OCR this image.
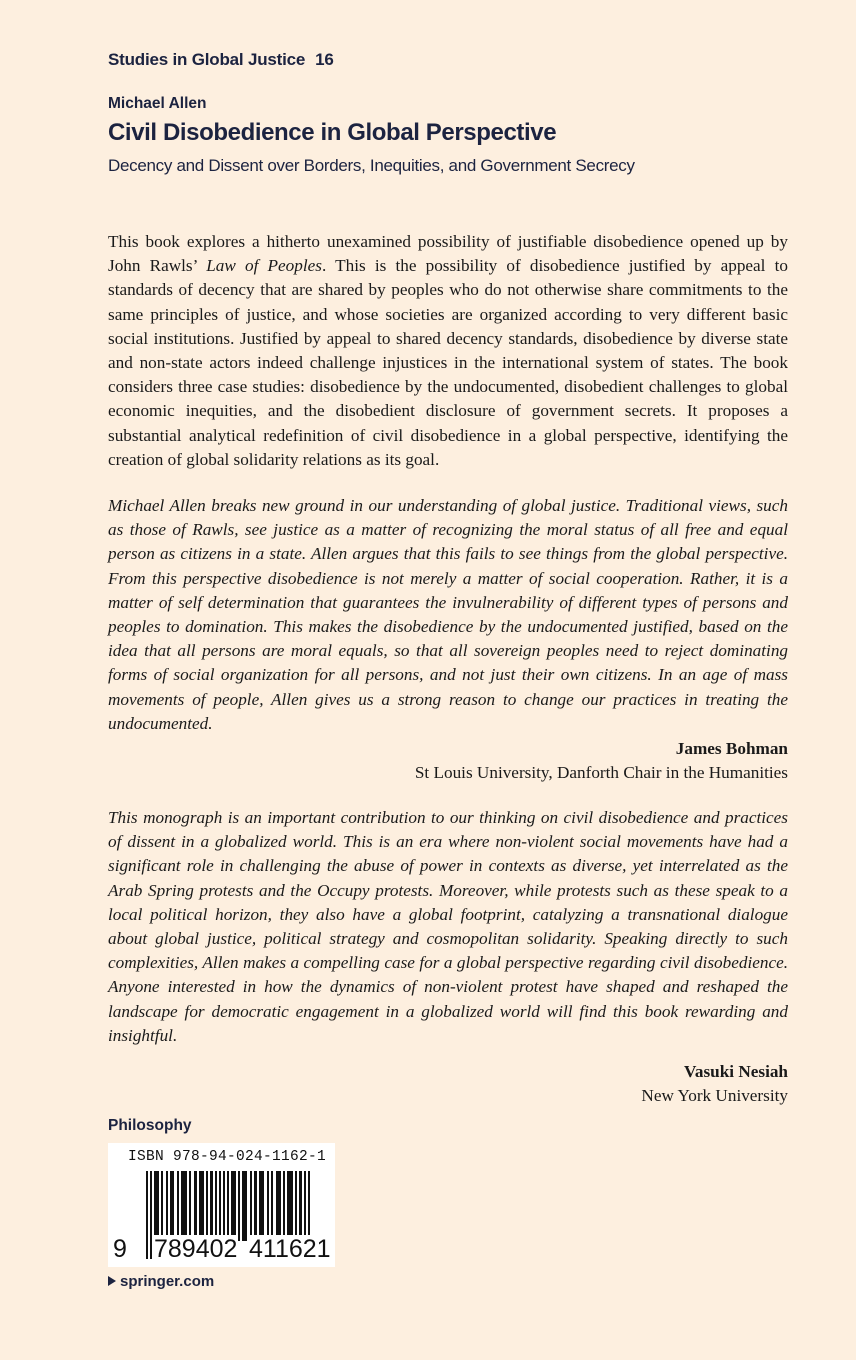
Studies in Global Justice 16
Michael Allen
Civil Disobedience in Global Perspective
Decency and Dissent over Borders, Inequities, and Government Secrecy
This book explores a hitherto unexamined possibility of justifiable disobedience opened up by John Rawls’ Law of Peoples. This is the possibility of disobedience justified by appeal to standards of decency that are shared by peoples who do not otherwise share commitments to the same principles of justice, and whose societies are organized according to very different basic social institutions. Justified by appeal to shared decency standards, disobedience by diverse state and non-state actors indeed challenge injustices in the international system of states. The book considers three case studies: disobedience by the undocumented, disobedient challenges to global economic inequities, and the disobedient disclosure of government secrets. It proposes a substantial analytical redefinition of civil disobedience in a global perspective, identifying the creation of global solidarity relations as its goal.
Michael Allen breaks new ground in our understanding of global justice. Traditional views, such as those of Rawls, see justice as a matter of recognizing the moral status of all free and equal person as citizens in a state. Allen argues that this fails to see things from the global perspective. From this perspective disobedience is not merely a matter of social cooperation. Rather, it is a matter of self determination that guarantees the invulnerability of different types of persons and peoples to domination. This makes the disobedience by the undocumented justified, based on the idea that all persons are moral equals, so that all sovereign peoples need to reject dominating forms of social organization for all persons, and not just their own citizens. In an age of mass movements of people, Allen gives us a strong reason to change our practices in treating the undocumented.
James Bohman
St Louis University, Danforth Chair in the Humanities
This monograph is an important contribution to our thinking on civil disobedience and practices of dissent in a globalized world. This is an era where non-violent social movements have had a significant role in challenging the abuse of power in contexts as diverse, yet interrelated as the Arab Spring protests and the Occupy protests. Moreover, while protests such as these speak to a local political horizon, they also have a global footprint, catalyzing a transnational dialogue about global justice, political strategy and cosmopolitan solidarity. Speaking directly to such complexities, Allen makes a compelling case for a global perspective regarding civil disobedience. Anyone interested in how the dynamics of non-violent protest have shaped and reshaped the landscape for democratic engagement in a globalized world will find this book rewarding and insightful.
Vasuki Nesiah
New York University
Philosophy
ISBN 978-94-024-1162-1
9 789402 411621
springer.com
